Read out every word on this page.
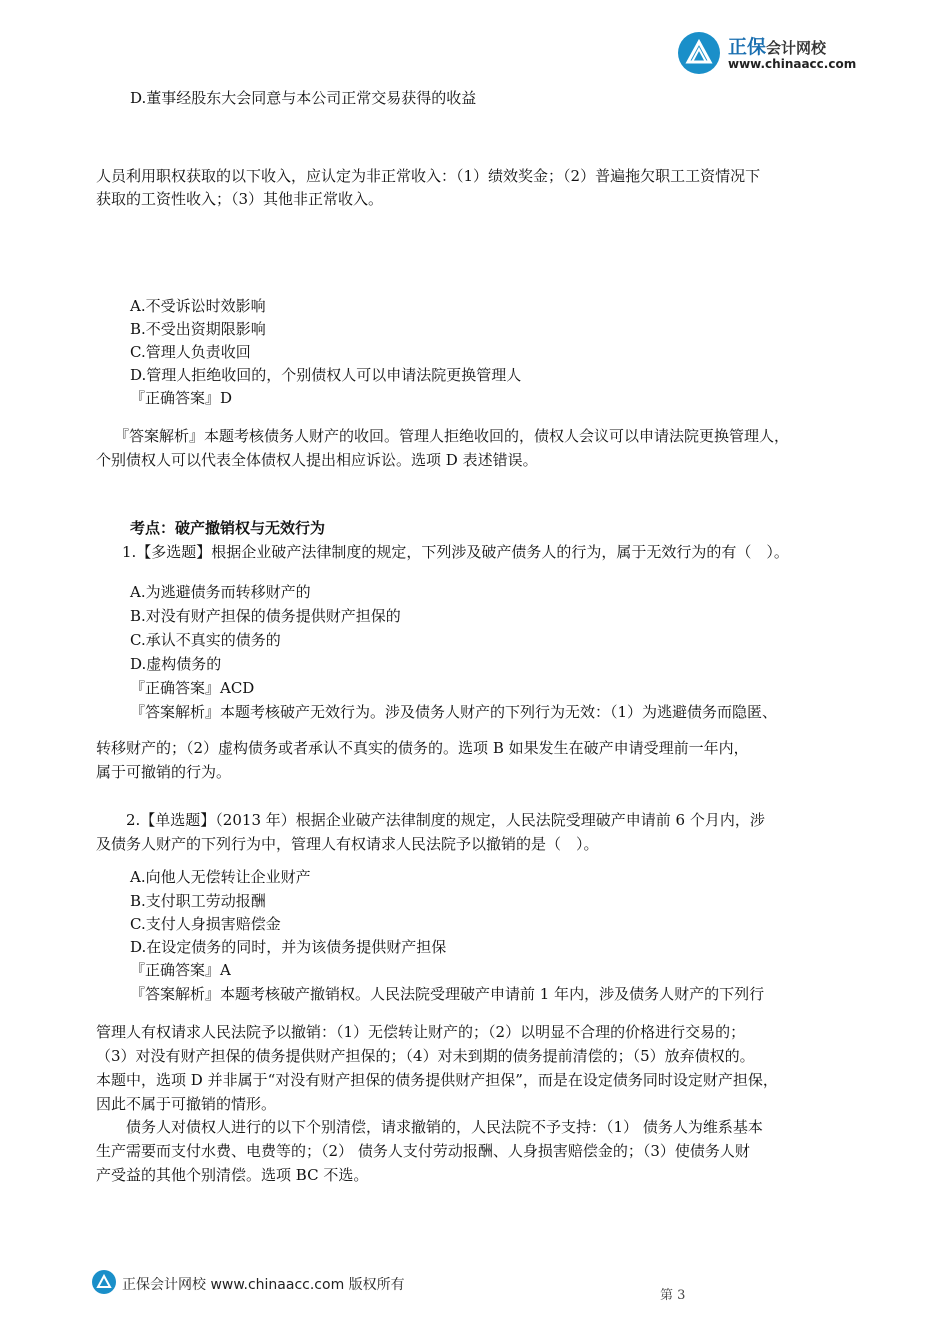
正保会计网校
www.chinaacc.com
D.董事经股东大会同意与本公司正常交易获得的收益
人员利用职权获取的以下收入，应认定为非正常收入：（1）绩效奖金；（2）普遍拖欠职工工资情况下
获取的工资性收入；（3）其他非正常收入。
A.不受诉讼时效影响
B.不受出资期限影响
C.管理人负责收回
D.管理人拒绝收回的，个别债权人可以申请法院更换管理人
『正确答案』D
『答案解析』本题考核债务人财产的收回。管理人拒绝收回的，债权人会议可以申请法院更换管理人，
个别债权人可以代表全体债权人提出相应诉讼。选项 D 表述错误。
考点：破产撤销权与无效行为
1.【多选题】根据企业破产法律制度的规定，下列涉及破产债务人的行为，属于无效行为的有（　）。
A.为逃避债务而转移财产的
B.对没有财产担保的债务提供财产担保的
C.承认不真实的债务的
D.虚构债务的
『正确答案』ACD
『答案解析』本题考核破产无效行为。涉及债务人财产的下列行为无效：（1）为逃避债务而隐匿、
转移财产的；（2）虚构债务或者承认不真实的债务的。选项 B 如果发生在破产申请受理前一年内，
属于可撤销的行为。
2.【单选题】（2013 年）根据企业破产法律制度的规定，人民法院受理破产申请前 6 个月内，涉
及债务人财产的下列行为中，管理人有权请求人民法院予以撤销的是（　）。
A.向他人无偿转让企业财产
B.支付职工劳动报酬
C.支付人身损害赔偿金
D.在设定债务的同时，并为该债务提供财产担保
『正确答案』A
『答案解析』本题考核破产撤销权。人民法院受理破产申请前 1 年内，涉及债务人财产的下列行
管理人有权请求人民法院予以撤销：（1）无偿转让财产的；（2）以明显不合理的价格进行交易的；
（3）对没有财产担保的债务提供财产担保的；（4）对未到期的债务提前清偿的；（5）放弃债权的。
本题中，选项 D 并非属于“对没有财产担保的债务提供财产担保”，而是在设定债务同时设定财产担保，
因此不属于可撤销的情形。
债务人对债权人进行的以下个别清偿，请求撤销的，人民法院不予支持：（1） 债务人为维系基本
生产需要而支付水费、电费等的；（2） 债务人支付劳动报酬、人身损害赔偿金的；（3）使债务人财
产受益的其他个别清偿。选项 BC 不选。
正保会计网校 www.chinaacc.com 版权所有
第 3
